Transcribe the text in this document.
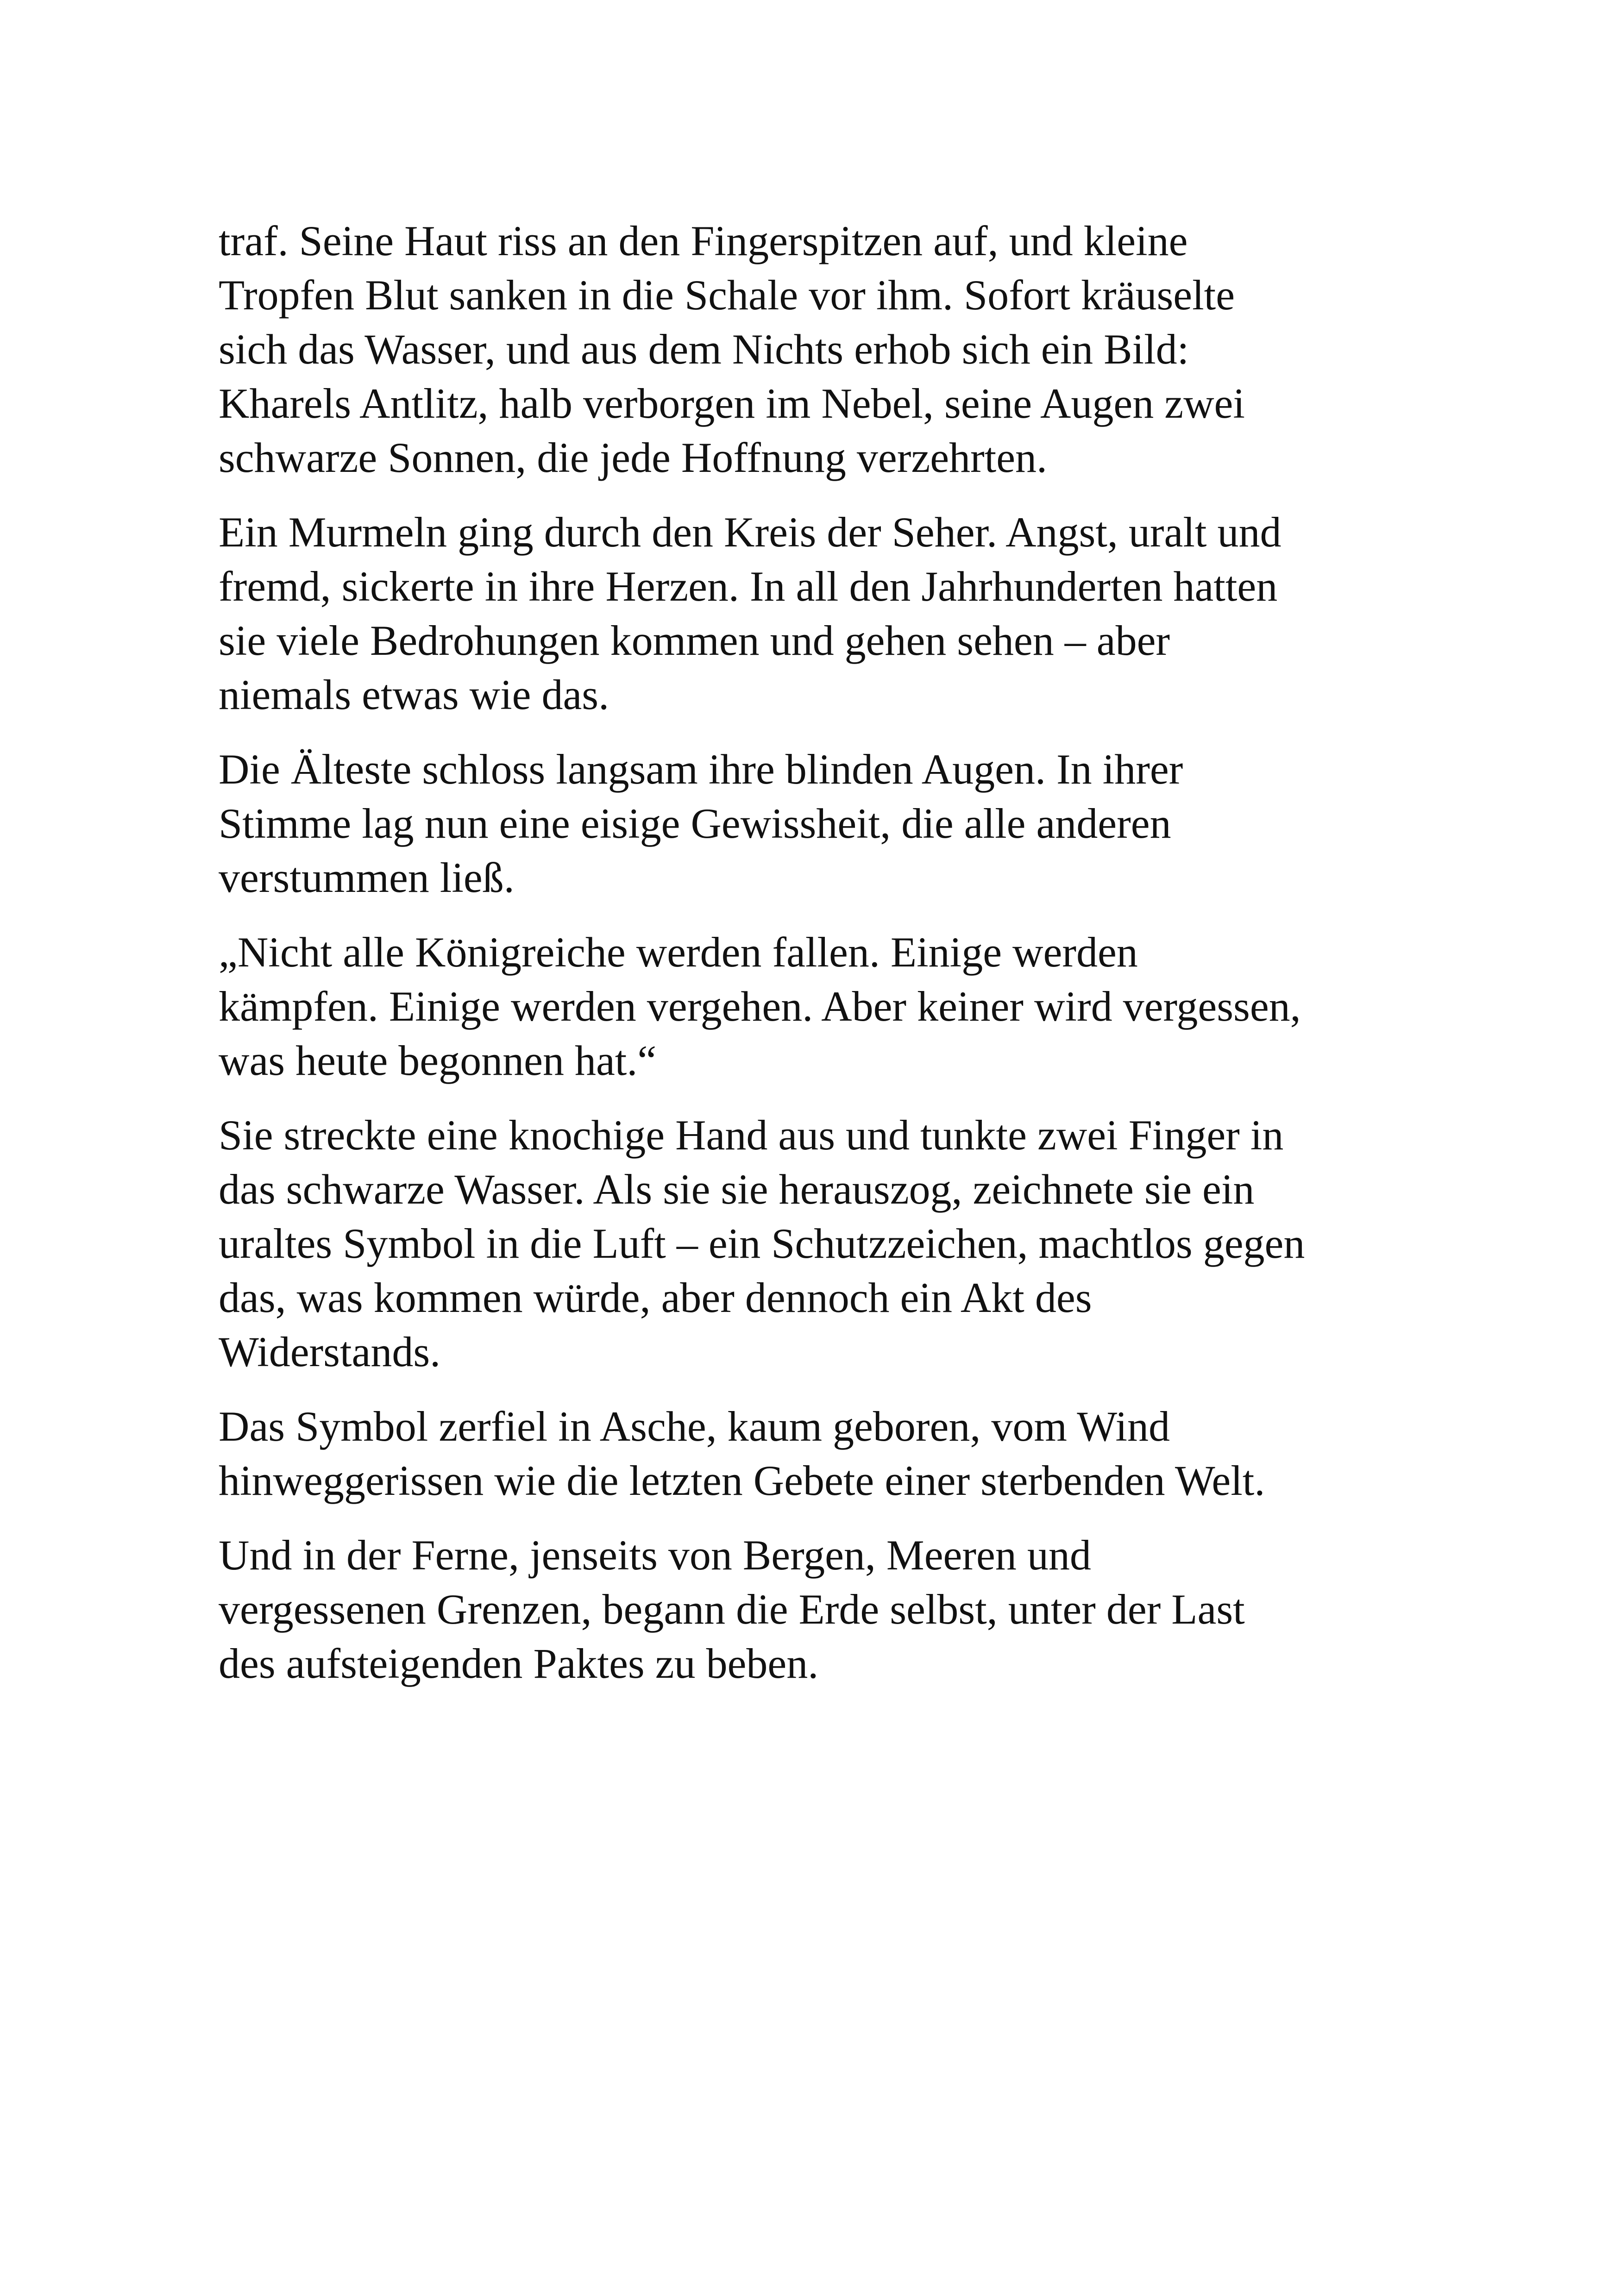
traf. Seine Haut riss an den Fingerspitzen auf, und kleine
Tropfen Blut sanken in die Schale vor ihm. Sofort kräuselte
sich das Wasser, und aus dem Nichts erhob sich ein Bild:
Kharels Antlitz, halb verborgen im Nebel, seine Augen zwei
schwarze Sonnen, die jede Hoffnung verzehrten.

Ein Murmeln ging durch den Kreis der Seher. Angst, uralt und
fremd, sickerte in ihre Herzen. In all den Jahrhunderten hatten
sie viele Bedrohungen kommen und gehen sehen – aber
niemals etwas wie das.

Die Älteste schloss langsam ihre blinden Augen. In ihrer
Stimme lag nun eine eisige Gewissheit, die alle anderen
verstummen ließ.

„Nicht alle Königreiche werden fallen. Einige werden
kämpfen. Einige werden vergehen. Aber keiner wird vergessen,
was heute begonnen hat.“

Sie streckte eine knochige Hand aus und tunkte zwei Finger in
das schwarze Wasser. Als sie sie herauszog, zeichnete sie ein
uraltes Symbol in die Luft – ein Schutzzeichen, machtlos gegen
das, was kommen würde, aber dennoch ein Akt des
Widerstands.

Das Symbol zerfiel in Asche, kaum geboren, vom Wind
hinweggerissen wie die letzten Gebete einer sterbenden Welt.

Und in der Ferne, jenseits von Bergen, Meeren und
vergessenen Grenzen, begann die Erde selbst, unter der Last
des aufsteigenden Paktes zu beben.
